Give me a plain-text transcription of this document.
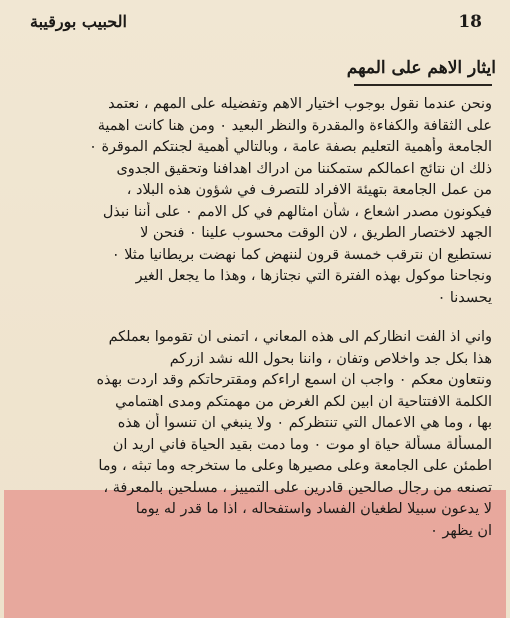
18
الحبيب بورقيبة
ايثار الاهم على المهم

ونحن عندما نقول بوجوب اختيار الاهم وتفضيله على المهم ، نعتمد
على الثقافة والكفاءة والمقدرة والنظر البعيد ٠ ومن هنا كانت اهمية
الجامعة وأهمية التعليم بصفة عامة ، وبالتالي أهمية لجنتكم الموقرة ٠
ذلك ان نتائج اعمالكم ستمكننا من ادراك اهدافنا وتحقيق الجدوى
من عمل الجامعة بتهيئة الافراد للتصرف في شؤون هذه البلاد ،
فيكونون مصدر اشعاع ، شأن امثالهم في كل الامم ٠ على أننا نبذل
الجهد لاختصار الطريق ، لان الوقت محسوب علينا ٠ فنحن لا
نستطيع ان نترقب خمسة قرون لننهض كما نهضت بريطانيا مثلا ٠
ونجاحنا موكول بهذه الفترة التي نجتازها ، وهذا ما يجعل الغير
يحسدنا ٠

واني اذ الفت انظاركم الى هذه المعاني ، اتمنى ان تقوموا بعملكم
هذا بكل جد واخلاص وتفان ، واننا بحول الله نشد ازركم
ونتعاون معكم ٠ واجب ان اسمع اراءكم ومقترحاتكم وقد اردت بهذه
الكلمة الافتتاحية ان ابين لكم الغرض من مهمتكم ومدى اهتمامي
بها ، وما هي الاعمال التي تنتظركم ٠ ولا ينبغي ان تنسوا أن هذه
المسألة مسألة حياة او موت ٠ وما دمت بقيد الحياة فاني اريد ان
اطمئن على الجامعة وعلى مصيرها وعلى ما ستخرجه وما تبثه ، وما
تصنعه من رجال صالحين قادرين على التمييز ، مسلحين بالمعرفة ،
لا يدعون سبيلا لطغيان الفساد واستفحاله ، اذا ما قدر له يوما
ان يظهر ٠
